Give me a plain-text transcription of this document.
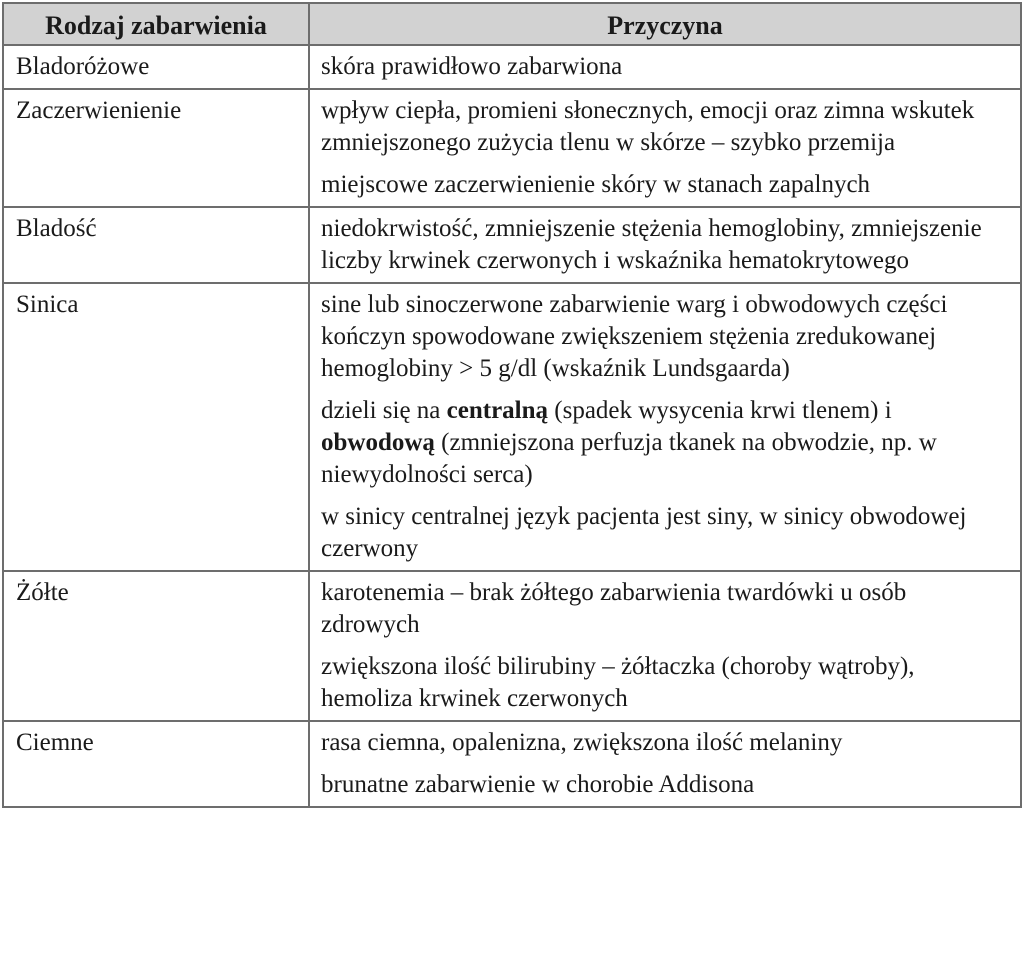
Rodzaj zabarwienia	Przyczyna
Bladoróżowe	skóra prawidłowo zabarwiona

Zaczerwienienie	wpływ ciepła, promieni słonecznych, emocji oraz zimna wskutek zmniejszonego zużycia tlenu w skórze – szybko przemija

miejscowe zaczerwienienie skóry w stanach zapalnych

Bladość	niedokrwistość, zmniejszenie stężenia hemoglobiny, zmniejszenie liczby krwinek czerwonych i wskaźnika hematokrytowego

Sinica	sine lub sinoczerwone zabarwienie warg i obwodowych części kończyn spowodowane zwiększeniem stężenia zredukowanej hemoglobiny > 5 g/dl (wskaźnik Lundsgaarda)

dzieli się na centralną (spadek wysycenia krwi tlenem) i obwodową (zmniejszona perfuzja tkanek na obwodzie, np. w niewydolności serca)

w sinicy centralnej język pacjenta jest siny, w sinicy obwodowej czerwony

Żółte	karotenemia – brak żółtego zabarwienia twardówki u osób zdrowych

zwiększona ilość bilirubiny – żółtaczka (choroby wątroby), hemoliza krwinek czerwonych

Ciemne	rasa ciemna, opalenizna, zwiększona ilość melaniny

brunatne zabarwienie w chorobie Addisona
